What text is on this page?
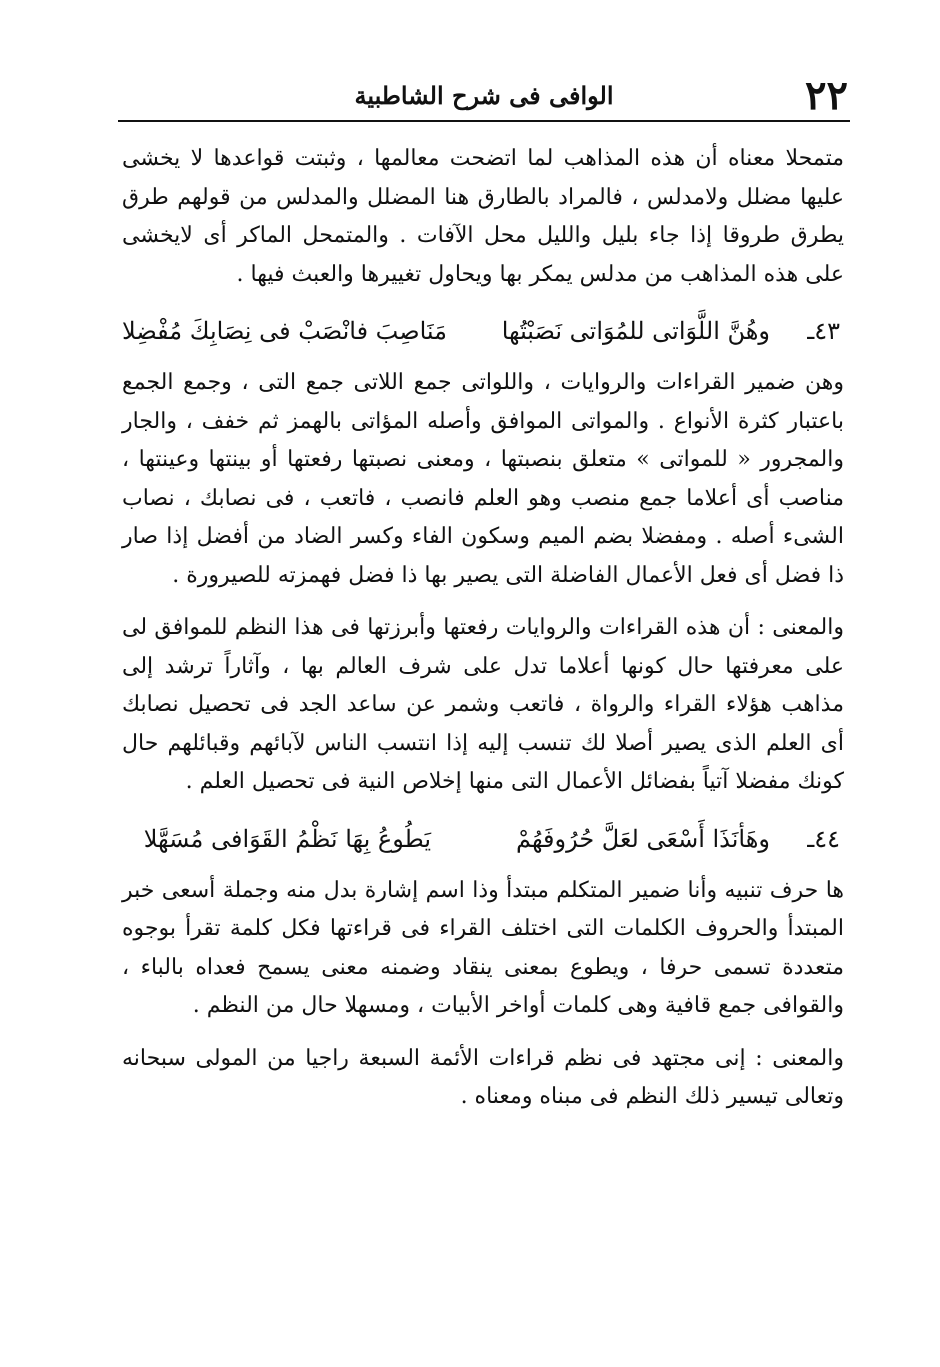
٢٢
الوافى فى شرح الشاطبية

متمحلا معناه أن هذه المذاهب لما اتضحت معالمها ، وثبتت قواعدها لا يخشى عليها مضلل ولامدلس ، فالمراد بالطارق هنا المضلل والمدلس من قولهم طرق يطرق طروقا إذا جاء بليل والليل محل الآفات . والمتمحل الماكر أى لايخشى على هذه المذاهب من مدلس يمكر بها ويحاول تغييرها والعبث فيها .

٤٣ـ
وهُنَّ اللَّوَاتى للمُوَاتى نَصَبْتُها
مَنَاصِبَ فانْصَبْ فى نِصَابِكَ مُفْضِلا

وهن ضمير القراءات والروايات ، واللواتى جمع اللاتى جمع التى ، وجمع الجمع باعتبار كثرة الأنواع . والمواتى الموافق وأصله المؤاتى بالهمز ثم خفف ، والجار والمجرور « للمواتى » متعلق بنصبتها ، ومعنى نصبتها رفعتها أو بينتها وعينتها ، مناصب أى أعلاما جمع منصب وهو العلم فانصب ، فاتعب ، فى نصابك ، نصاب الشىء أصله . ومفضلا بضم الميم وسكون الفاء وكسر الضاد من أفضل إذا صار ذا فضل أى فعل الأعمال الفاضلة التى يصير بها ذا فضل فهمزته للصيرورة .

والمعنى : أن هذه القراءات والروايات رفعتها وأبرزتها فى هذا النظم للموافق لى على معرفتها حال كونها أعلاما تدل على شرف العالم بها ، وآثاراً ترشد إلى مذاهب هؤلاء القراء والرواة ، فاتعب وشمر عن ساعد الجد فى تحصيل نصابك أى العلم الذى يصير أصلا لك تنسب إليه إذا انتسب الناس لآبائهم وقبائلهم حال كونك مفضلا آتياً بفضائل الأعمال التى منها إخلاص النية فى تحصيل العلم .

٤٤ـ
وهَأنَذَا أَسْعَى لعَلَّ حُرُوفَهُمْ
يَطُوعُ بِهَا نَظْمُ القَوَافى مُسَهَّلا

ها حرف تنبيه وأنا ضمير المتكلم مبتدأ وذا اسم إشارة بدل منه وجملة أسعى خبر المبتدأ والحروف الكلمات التى اختلف القراء فى قراءتها فكل كلمة تقرأ بوجوه متعددة تسمى حرفا ، ويطوع بمعنى ينقاد وضمنه معنى يسمح فعداه بالباء ، والقوافى جمع قافية وهى كلمات أواخر الأبيات ، ومسهلا حال من النظم .

والمعنى : إنى مجتهد فى نظم قراءات الأئمة السبعة راجيا من المولى سبحانه وتعالى تيسير ذلك النظم فى مبناه ومعناه .
